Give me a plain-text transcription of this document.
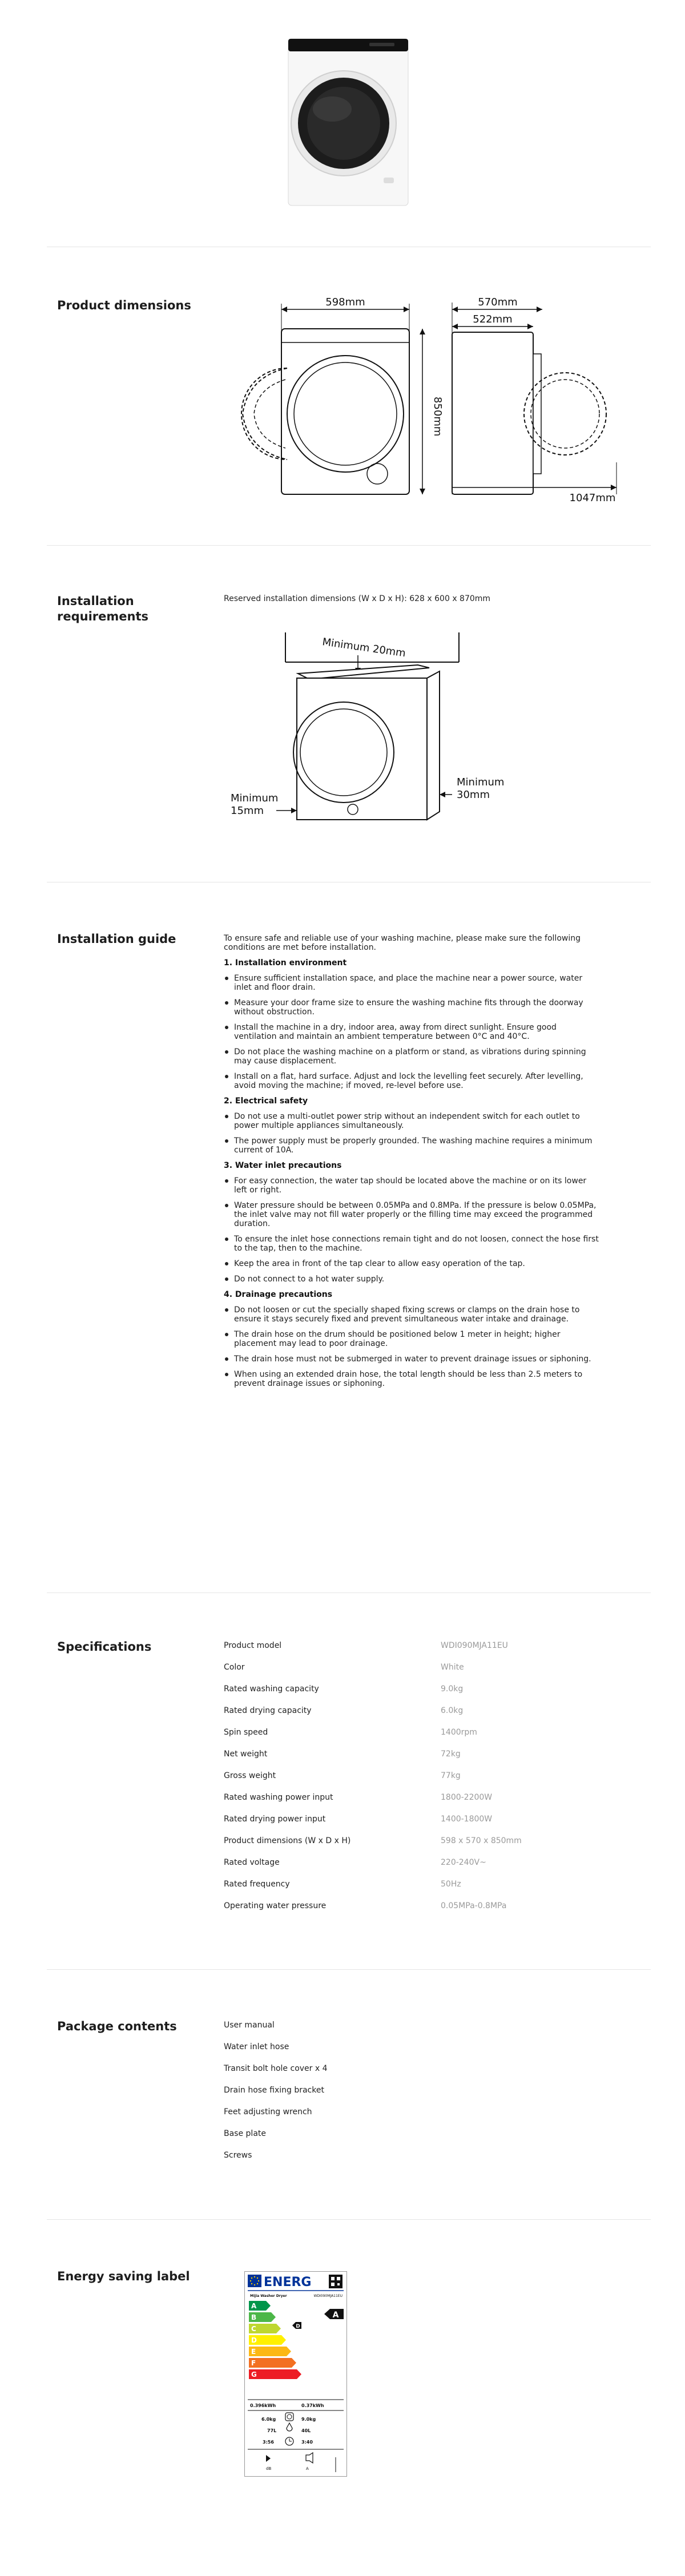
Product dimensions	598mm
850mm
570mm
522mm
1047mm
Installation requirements
Reserved installation dimensions (W x D x H): 628 x 600 x 870mm
Minimum 20mm
Minimum
15mm
Minimum
30mm
Installation guide	To ensure safe and reliable use of your washing machine, please make sure the following conditions are met before installation.

1. Installation environment
Ensure sufficient installation space, and place the machine near a power source, water inlet and floor drain.
Measure your door frame size to ensure the washing machine fits through the doorway without obstruction.
Install the machine in a dry, indoor area, away from direct sunlight. Ensure good ventilation and maintain an ambient temperature between 0°C and 40°C.
Do not place the washing machine on a platform or stand, as vibrations during spinning may cause displacement.
Install on a flat, hard surface. Adjust and lock the levelling feet securely. After levelling, avoid moving the machine; if moved, re-level before use.
2. Electrical safety
Do not use a multi-outlet power strip without an independent switch for each outlet to power multiple appliances simultaneously.
The power supply must be properly grounded. The washing machine requires a minimum current of 10A.
3. Water inlet precautions
For easy connection, the water tap should be located above the machine or on its lower left or right.
Water pressure should be between 0.05MPa and 0.8MPa. If the pressure is below 0.05MPa, the inlet valve may not fill water properly or the filling time may exceed the programmed duration.
To ensure the inlet hose connections remain tight and do not loosen, connect the hose first to the tap, then to the machine.
Keep the area in front of the tap clear to allow easy operation of the tap.
Do not connect to a hot water supply.
4. Drainage precautions
Do not loosen or cut the specially shaped fixing screws or clamps on the drain hose to ensure it stays securely fixed and prevent simultaneous water intake and drainage.
The drain hose on the drum should be positioned below 1 meter in height; higher placement may lead to poor drainage.
The drain hose must not be submerged in water to prevent drainage issues or siphoning.
When using an extended drain hose, the total length should be less than 2.5 meters to prevent drainage issues or siphoning.
Specifications	Product model	WDI090MJA11EU
Color	White
Rated washing capacity	9.0kg
Rated drying capacity	6.0kg
Spin speed	1400rpm
Net weight	72kg
Gross weight	77kg
Rated washing power input	1800-2200W
Rated drying power input	1400-1800W
Product dimensions (W x D x H)	598 x 570 x 850mm
Rated voltage	220-240V~
Rated frequency	50Hz
Operating water pressure	0.05MPa-0.8MPa
Package contents	User manual
Water inlet hose
Transit bolt hole cover x 4
Drain hose fixing bracket
Feet adjusting wrench
Base plate
Screws
Energy saving label	ENERG
Mijia Washer Dryer	WDI090MJA11EU
A
B
C
D
E
F
G
A
D
0.396kWh	0.37kWh
6.0kg	9.0kg
77L	40L
3:56	3:40
dB	A
